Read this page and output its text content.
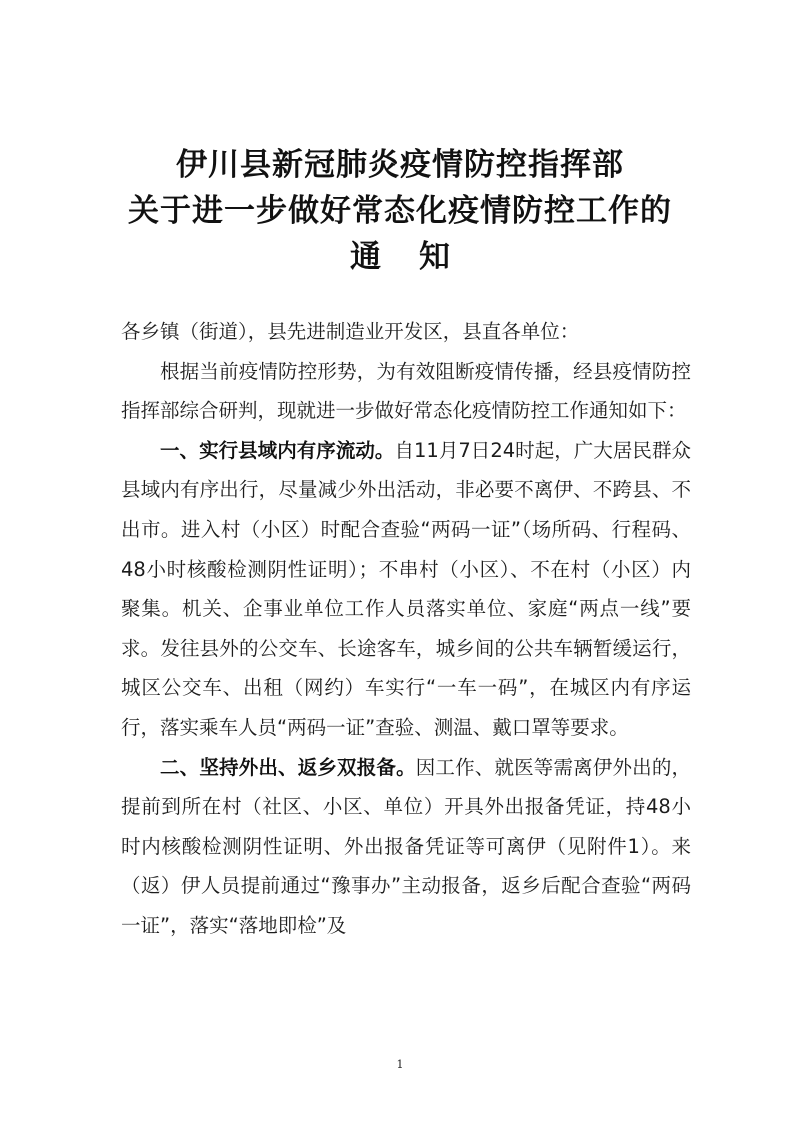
伊川县新冠肺炎疫情防控指挥部
关于进一步做好常态化疫情防控工作的
通知

各乡镇（街道），县先进制造业开发区，县直各单位：

根据当前疫情防控形势，为有效阻断疫情传播，经县疫情防控指挥部综合研判，现就进一步做好常态化疫情防控工作通知如下：

一、实行县域内有序流动。自11月7日24时起，广大居民群众县域内有序出行，尽量减少外出活动，非必要不离伊、不跨县、不出市。进入村（小区）时配合查验“两码一证”（场所码、行程码、48小时核酸检测阴性证明）；不串村（小区）、不在村（小区）内聚集。机关、企事业单位工作人员落实单位、家庭“两点一线”要求。发往县外的公交车、长途客车，城乡间的公共车辆暂缓运行，城区公交车、出租（网约）车实行“一车一码”，在城区内有序运行，落实乘车人员“两码一证”查验、测温、戴口罩等要求。

二、坚持外出、返乡双报备。因工作、就医等需离伊外出的，提前到所在村（社区、小区、单位）开具外出报备凭证，持48小时内核酸检测阴性证明、外出报备凭证等可离伊（见附件1）。来（返）伊人员提前通过“豫事办”主动报备，返乡后配合查验“两码一证”，落实“落地即检”及

1
